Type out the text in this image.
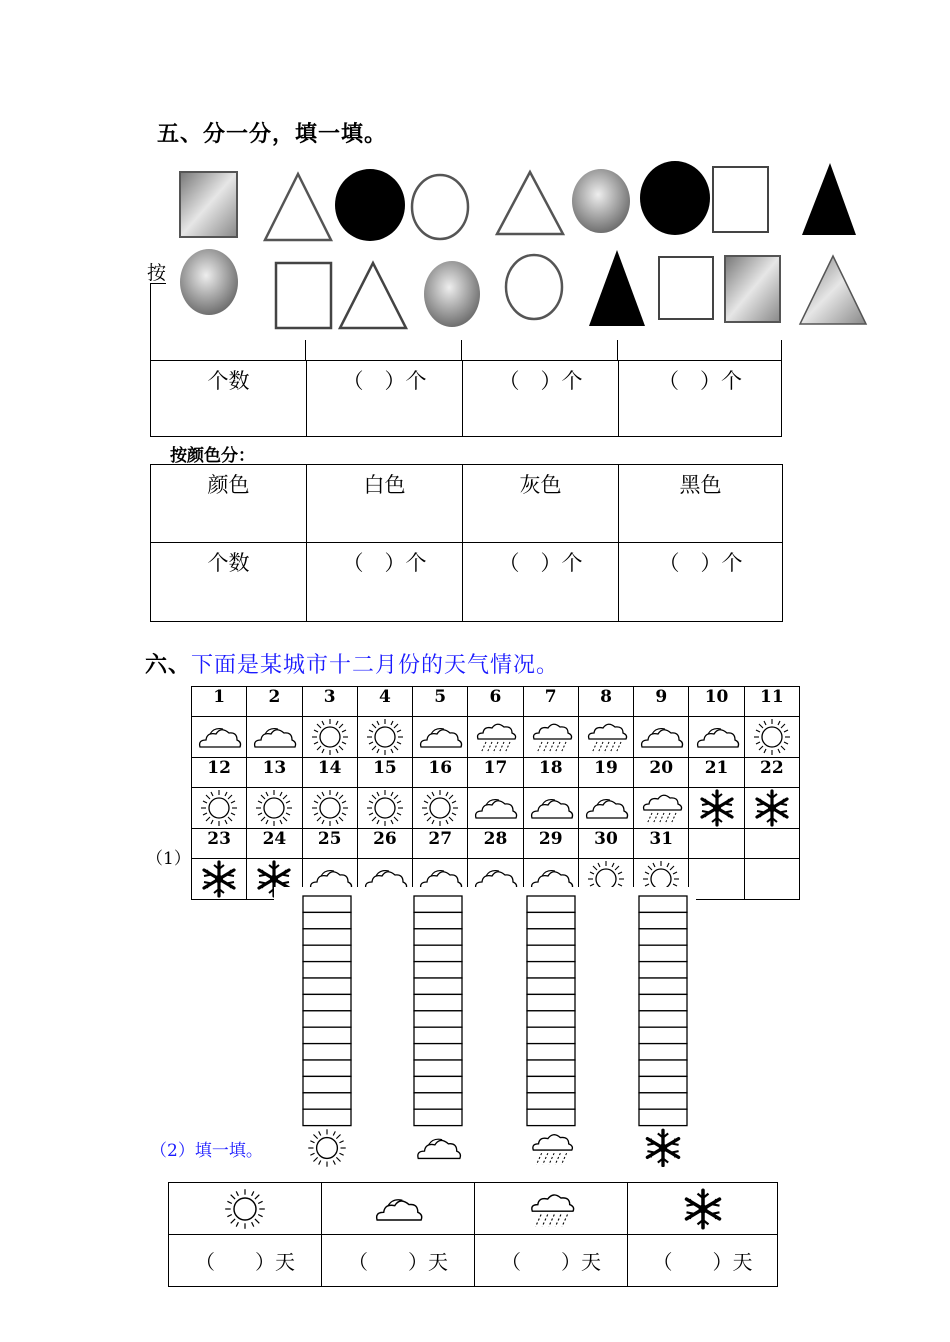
五、分一分，填一填。
按
个数	（　）个	（　）个	（　）个
按颜色分：
颜色	白色	灰色	黑色

个数	（　）个	（　）个	（　）个
六、下面是某城市十二月份的天气情况。
（1）
1	2	3	4	5	6	7	8	9	10	11

12	13	14	15	16	17	18	19	20	21	22

23	24	25	26	27	28	29	30	31		

（2）填一填。

（　　）天	（　　）天	（　　）天	（　　）天
